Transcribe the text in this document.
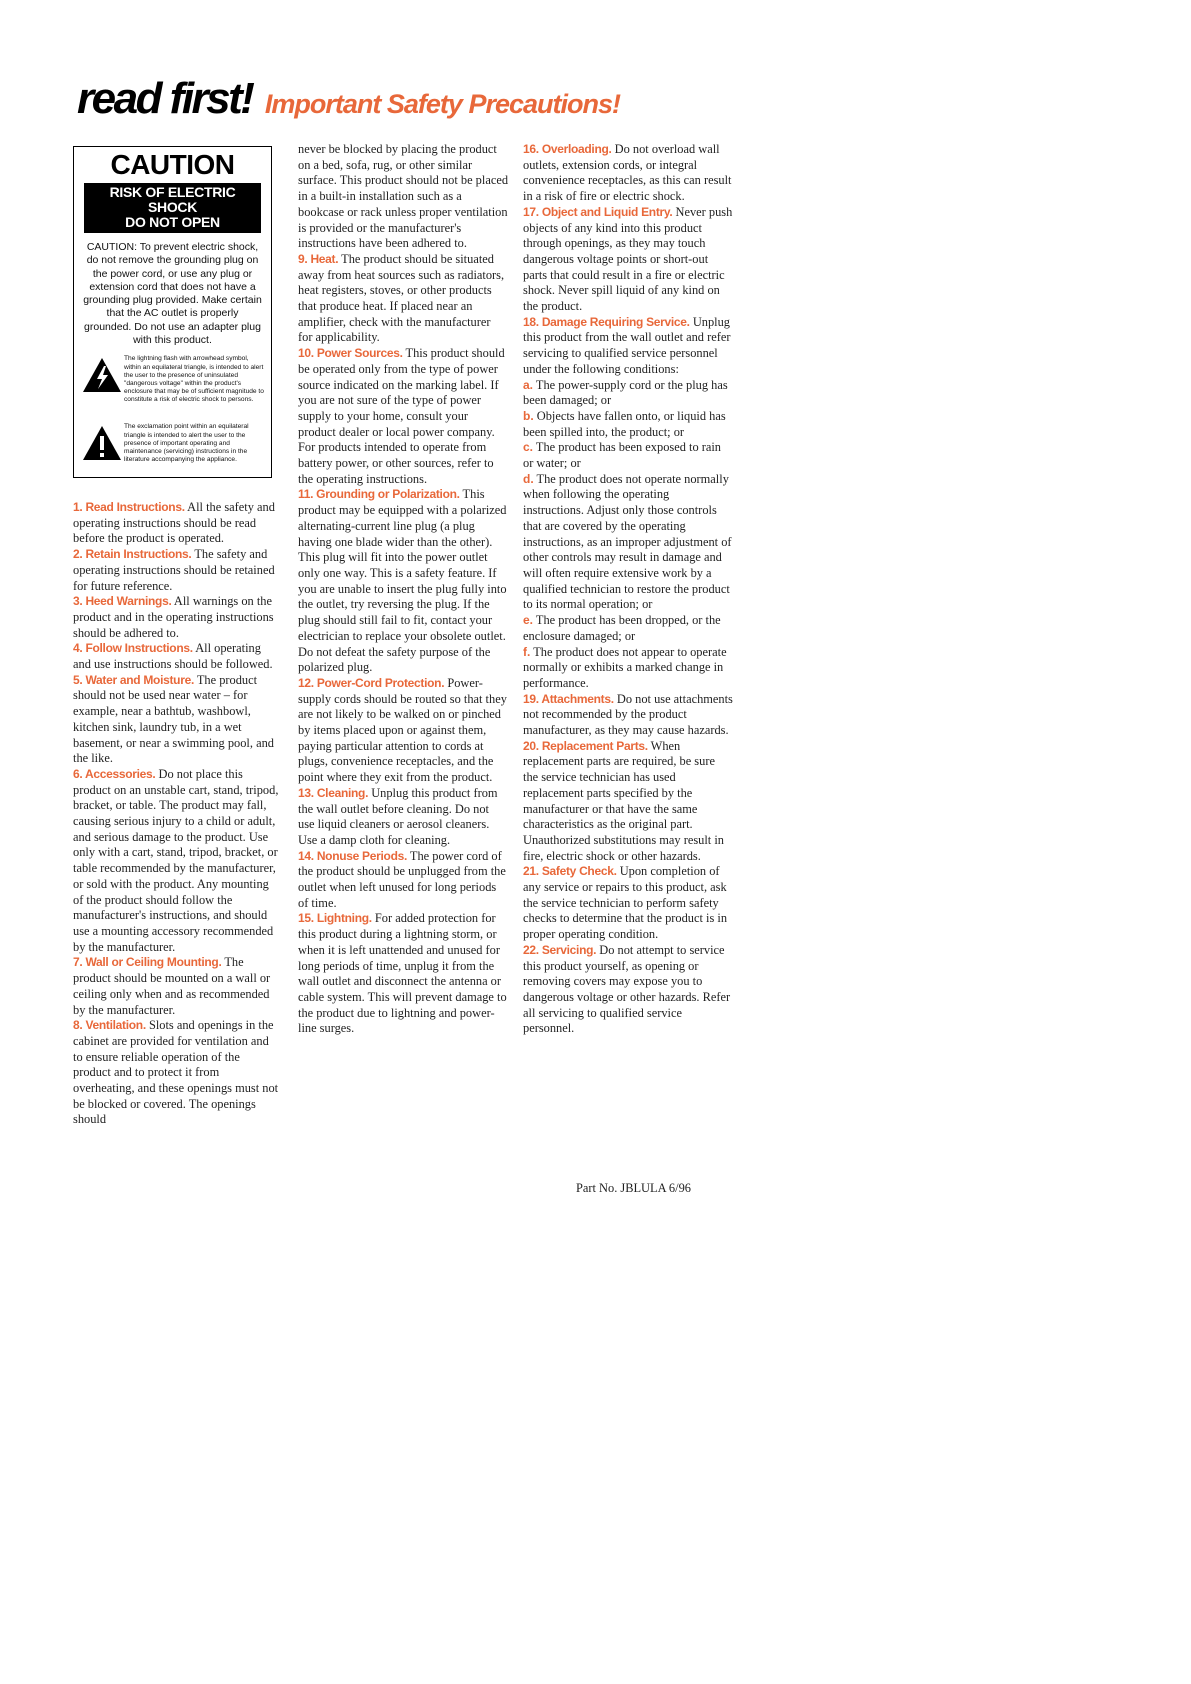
read first! Important Safety Precautions!
CAUTION
RISK OF ELECTRIC SHOCK
DO NOT OPEN
CAUTION: To prevent electric shock, do not remove the grounding plug on the power cord, or use any plug or extension cord that does not have a grounding plug provided. Make certain that the AC outlet is properly grounded. Do not use an adapter plug with this product.
The lightning flash with arrowhead symbol, within an equilateral triangle, is intended to alert the user to the presence of uninsulated "dangerous voltage" within the product's enclosure that may be of sufficient magnitude to constitute a risk of electric shock to persons.
The exclamation point within an equilateral triangle is intended to alert the user to the presence of important operating and maintenance (servicing) instructions in the literature accompanying the appliance.

1. Read Instructions. All the safety and operating instructions should be read before the product is operated.

2. Retain Instructions. The safety and operating instructions should be retained for future reference.

3. Heed Warnings. All warnings on the product and in the operating instructions should be adhered to.

4. Follow Instructions. All operating and use instructions should be followed.

5. Water and Moisture. The product should not be used near water – for example, near a bathtub, washbowl, kitchen sink, laundry tub, in a wet basement, or near a swimming pool, and the like.

6. Accessories. Do not place this product on an unstable cart, stand, tripod, bracket, or table. The product may fall, causing serious injury to a child or adult, and serious damage to the product. Use only with a cart, stand, tripod, bracket, or table recommended by the manufacturer, or sold with the product. Any mounting of the product should follow the manufacturer's instructions, and should use a mounting accessory recommended by the manufacturer.

7. Wall or Ceiling Mounting. The product should be mounted on a wall or ceiling only when and as recommended by the manufacturer.

8. Ventilation. Slots and openings in the cabinet are provided for ventilation and to ensure reliable operation of the product and to protect it from overheating, and these openings must not be blocked or covered. The openings should

never be blocked by placing the product on a bed, sofa, rug, or other similar surface. This product should not be placed in a built-in installation such as a bookcase or rack unless proper ventilation is provided or the manufacturer's instructions have been adhered to.

9. Heat. The product should be situated away from heat sources such as radiators, heat registers, stoves, or other products that produce heat. If placed near an amplifier, check with the manufacturer for applicability.

10. Power Sources. This product should be operated only from the type of power source indicated on the marking label. If you are not sure of the type of power supply to your home, consult your product dealer or local power company. For products intended to operate from battery power, or other sources, refer to the operating instructions.

11. Grounding or Polarization. This product may be equipped with a polarized alternating-current line plug (a plug having one blade wider than the other). This plug will fit into the power outlet only one way. This is a safety feature. If you are unable to insert the plug fully into the outlet, try reversing the plug. If the plug should still fail to fit, contact your electrician to replace your obsolete outlet. Do not defeat the safety purpose of the polarized plug.

12. Power-Cord Protection. Power-supply cords should be routed so that they are not likely to be walked on or pinched by items placed upon or against them, paying particular attention to cords at plugs, convenience receptacles, and the point where they exit from the product.

13. Cleaning. Unplug this product from the wall outlet before cleaning. Do not use liquid cleaners or aerosol cleaners. Use a damp cloth for cleaning.

14. Nonuse Periods. The power cord of the product should be unplugged from the outlet when left unused for long periods of time.

15. Lightning. For added protection for this product during a lightning storm, or when it is left unattended and unused for long periods of time, unplug it from the wall outlet and disconnect the antenna or cable system. This will prevent damage to the product due to lightning and power-line surges.

16. Overloading. Do not overload wall outlets, extension cords, or integral convenience receptacles, as this can result in a risk of fire or electric shock.

17. Object and Liquid Entry. Never push objects of any kind into this product through openings, as they may touch dangerous voltage points or short-out parts that could result in a fire or electric shock. Never spill liquid of any kind on the product.

18. Damage Requiring Service. Unplug this product from the wall outlet and refer servicing to qualified service personnel under the following conditions:

a. The power-supply cord or the plug has been damaged; or

b. Objects have fallen onto, or liquid has been spilled into, the product; or

c. The product has been exposed to rain or water; or

d. The product does not operate normally when following the operating instructions. Adjust only those controls that are covered by the operating instructions, as an improper adjustment of other controls may result in damage and will often require extensive work by a qualified technician to restore the product to its normal operation; or

e. The product has been dropped, or the enclosure damaged; or

f. The product does not appear to operate normally or exhibits a marked change in performance.

19. Attachments. Do not use attachments not recommended by the product manufacturer, as they may cause hazards.

20. Replacement Parts. When replacement parts are required, be sure the service technician has used replacement parts specified by the manufacturer or that have the same characteristics as the original part. Unauthorized substitutions may result in fire, electric shock or other hazards.

21. Safety Check. Upon completion of any service or repairs to this product, ask the service technician to perform safety checks to determine that the product is in proper operating condition.

22. Servicing. Do not attempt to service this product yourself, as opening or removing covers may expose you to dangerous voltage or other hazards. Refer all servicing to qualified service personnel.

Part No. JBLULA 6/96
